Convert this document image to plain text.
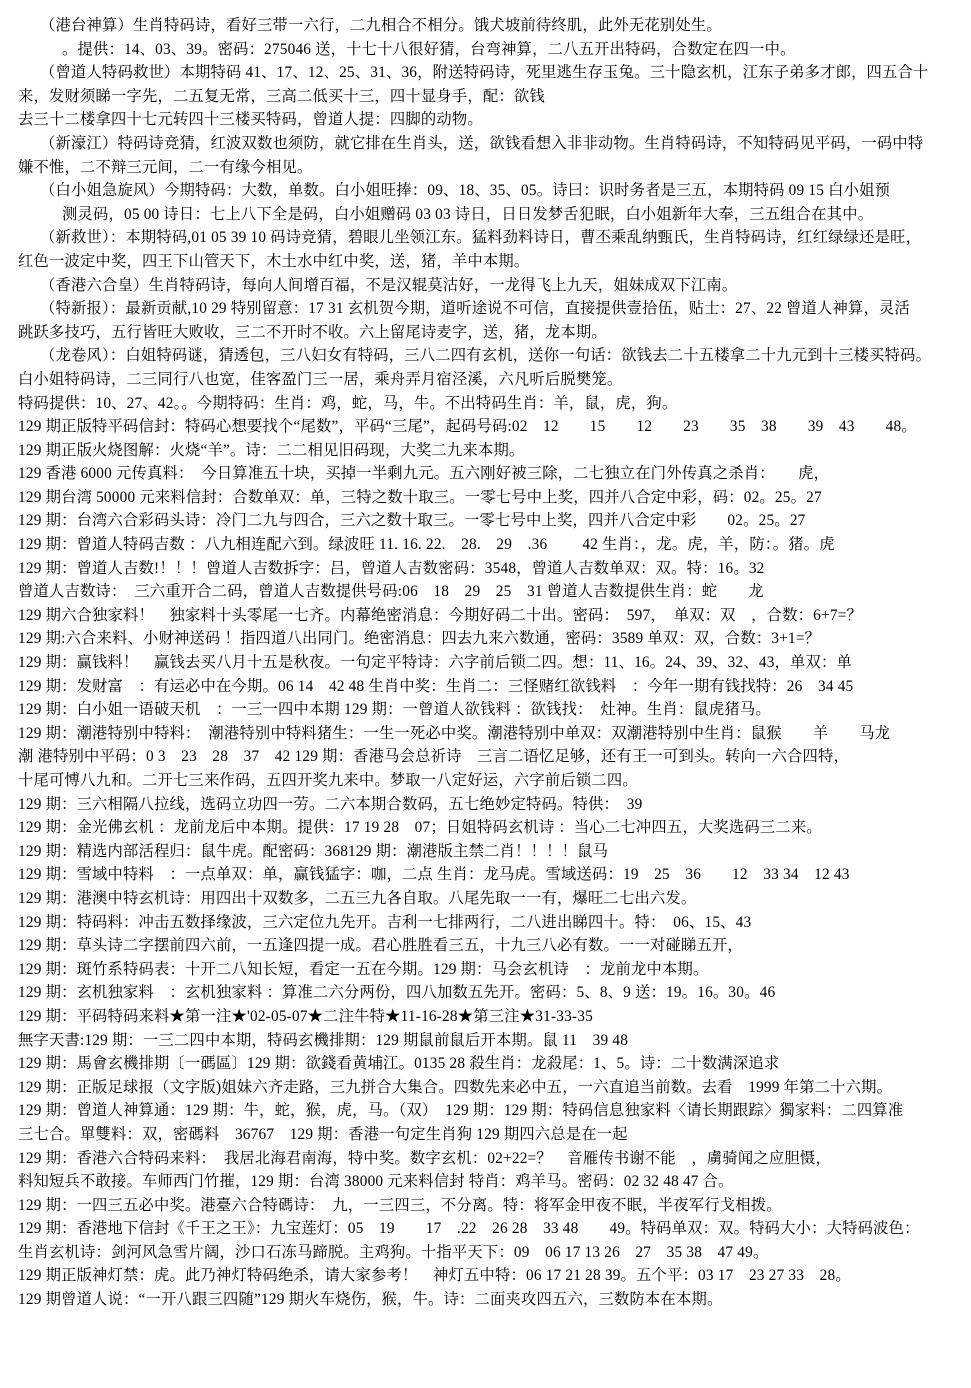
（港台神算）生肖特码诗，看好三带一六行，二九相合不相分。饿犬坡前待终肌，此外无花别处生。
。提供：14、03、39。密码：275046 送，十七十八很好猜，台弯神算，二八五开出特码，合数定在四一中。
（曾道人特码救世）本期特码 41、17、12、25、31、36，附送特码诗，死里逃生存玉兔。三十隐玄机，江东子弟多才郎，四五合十
来，发财须睇一字先，二五复无常，三高二低买十三，四十显身手，配：欲钱
去三十二楼拿四十七元转四十三楼买特码，曾道人提：四脚的动物。
（新濠江）特码诗竞猜，红波双数也须防，就它排在生肖头，送，欲钱看想入非非动物。生肖特码诗，不知特码见平码，一码中特
嫌不惟，二不辩三元间，二一有缘今相见。
（白小姐急旋风）今期特码：大数，单数。白小姐旺捧：09、18、35、05。诗曰：识时务者是三五，本期特码 09 15 白小姐预
测灵码，05 00 诗日：七上八下全是码，白小姐赠码 03 03 诗日，日日发梦舌犯眠，白小姐新年大奉，三五组合在其中。
（新救世）：本期特码,01 05 39 10 码诗竞猜，碧眼儿坐领江东。猛料劲料诗日，曹丕乘乱纳甄氏，生肖特码诗，红红绿绿还是旺，
红色一波定中奖，四王下山管天下，木土水中红中奖，送，猪，羊中本期。
（香港六合皇）生肖特码诗，每向人间增百福，不是汉辊莫沽好，一龙得飞上九天，姐妹成双下江南。
（特新报）：最新贡献,10 29 特别留意：17 31 玄机贺今期，道听途说不可信，直接提供壹拾伍，贴士：27、22 曾道人神算，灵活
跳跃多技巧，五行皆旺大败收，三二不开时不收。六上留尾诗麦字，送，猪，龙本期。
（龙卷风）：白姐特码谜，猜透包，三八妇女有特码，三八二四有玄机，送你一句话：欲钱去二十五楼拿二十九元到十三楼买特码。
白小姐特码诗，二三同行八也宽，佳客盈门三一居，乘舟弄月宿泾溪，六凡听后脱樊笼。
特码提供：10、27、42。。今期特码：生肖：鸡，蛇，马，牛。不出特码生肖：羊，鼠，虎，狗。
129 期正版特平码信封：特码心想要找个“尾数”，平码“三尾”，起码号码:02　12　　15　　12　　23　　35　38　　39　43　　48。
129 期正版火烧图解：火烧“羊”。诗：二二相见旧码现，大奖二九来本期。
129 香港 6000 元传真料：　今日算准五十块，买掉一半剩九元。五六刚好被三除，二七独立在门外传真之杀肖：　　虎，
129 期台湾 50000 元来料信封：合数单双：单，三特之数十取三。一零七号中上奖，四并八合定中彩，码：02。25。27
129 期：台湾六合彩码头诗：冷门二九与四合，三六之数十取三。一零七号中上奖，四并八合定中彩　　02。25。27
129 期：曾道人特码吉数 ：八九相连配六到。绿波旺 11. 16. 22.　28.　29　.36　　 42 生肖：，龙。虎，羊，防：。猪。虎
129 期：曾道人吉数!！！！曾道人吉数拆字：吕，曾道人吉数密码：3548，曾道人吉数单双：双。特：16。32
曾道人吉数诗：　三六重开合二码，曾道人吉数提供号码:06　18　29　25　31 曾道人吉数提供生肖：蛇　　龙
129 期六合独家料！　独家料十头零尾一七齐。内幕绝密消息：今期好码二十出。密码：　597，　单双：双　，合数：6+7=？
129 期:六合来料、小财神送码 ！指四道八出同门。绝密消息：四去九来六数通，密码：3589 单双：双，合数：3+1=？
129 期：赢钱料！　赢钱去买八月十五是秋夜。一句定平特诗：六字前后锁二四。想：11、16。24、39、32、43，单双：单
129 期：发财富　：有运必中在今期。06 14　42 48 生肖中奖：生肖二：三怪赌红欲钱料　：今年一期有钱找特：26　34 45
129 期：白小姐一语破天机　：一三一四中本期 129 期：一曾道人欲钱料 ：欲钱找：　灶神。生肖：鼠虎猪马。
129 期：潮港特别中特料：　潮港特别中特料猪生：一生一死必中奖。潮港特别中单双：双潮港特别中生肖：鼠猴　　羊　　马龙
潮 港特别中平码：0 3　23　28　37　42 129 期：香港马会总祈诗　三言二语忆足够，还有王一可到头。转向一六合四特，
十尾可愽八九和。二开七三来作码，五四开奖九来中。梦取一八定好运，六字前后锁二四。
129 期：三六相隔八拉线，选码立功四一劳。二六本期合数码，五七绝妙定特码。特供：　39
129 期：金光佛玄机 ：龙前龙后中本期。提供：17 19 28　07；日姐特码玄机诗 ：当心二七冲四五，大奖选码三二来。
129 期：精选内部活程归：鼠牛虎。配密码：368129 期：潮港版主禁二肖！！！！鼠马
129 期：雪域中特料　：一点单双：单，赢钱猛字：咖，二点 生肖：龙马虎。雪域送码：19　25　36　　12　33 34　12 43
129 期：港澳中特玄机诗：用四出十双数多，二五三九各自取。八尾先取一一有，爆旺二七出六发。
129 期：特码料：冲击五数择缘波，三六定位九先开。吉利一七排两行，二八进出睇四十。特：　06、15、43
129 期：草头诗二字摆前四六前，一五逢四提一成。君心胜胜看三五，十九三八必有数。一一对碰睇五开，
129 期：斑竹系特码表：十开二八知长短，看定一五在今期。129 期：马会玄机诗　：龙前龙中本期。
129 期：玄机独家料　：玄机独家料 ：算准二六分两份，四八加数五先开。密码：5、8、9 送：19。16。30。46
129 期：平码特码来料★第一注★'02-05-07★二注牛特★11-16-28★第三注★31-33-35
無字天書:129 期：一三二四中本期，特码玄機排期：129 期鼠前鼠后开本期。鼠 11　39 48
129 期：馬會玄機排期〔一碼區〕129 期：欲錢看黄埔江。0135 28 殺生肖：龙殺尾：1、5。诗：二十数满深追求
129 期：正版足球报（文字版)姐妹六齐走路，三九拼合大集合。四数先来必中五，一六直追当前数。去看　1999 年第二十六期。
129 期：曾道人神算通：129 期：牛，蛇，猴，虎，马。（双）　129 期：129 期：特码信息独家料〈请长期跟踪〉獨家料：二四算准
三七合。單雙料：双，密碼料　36767　129 期：香港一句定生肖狗 129 期四六总是在一起
129 期：香港六合特码来料：　我居北海君南海，特中奖。数字玄机：02+22=？　音雁传书谢不能　，虜骑闻之应胆慑，
料知短兵不敢接。车师西门竹摧，129 期：台湾 38000 元来料信封 特肖：鸡羊马。密码：02 32 48 47 合。
129 期：一四三五必中奖。港臺六合特碼诗：　九，一三四三，不分离。特：将军金甲夜不眠，半夜军行戈相拨。
129 期：香港地下信封《千王之王》：九宝莲灯：05　19　　17　.22　26 28　33 48　　49。特码单双：双。特码大小：大特码波色：
生肖玄机诗：剑河风急雪片阔，沙口石冻马蹄脱。主鸡狗。十指平天下：09　06 17 13 26　27　35 38　47 49。
129 期正版神灯禁：虎。此乃神灯特码绝杀，请大家参考！　神灯五中特：06 17 21 28 39。五个平：03 17　23 27 33　28。
129 期曾道人说：“一开八跟三四随”129 期火车烧伤，猴，牛。诗：二面夹攻四五六，三数防本在本期。
